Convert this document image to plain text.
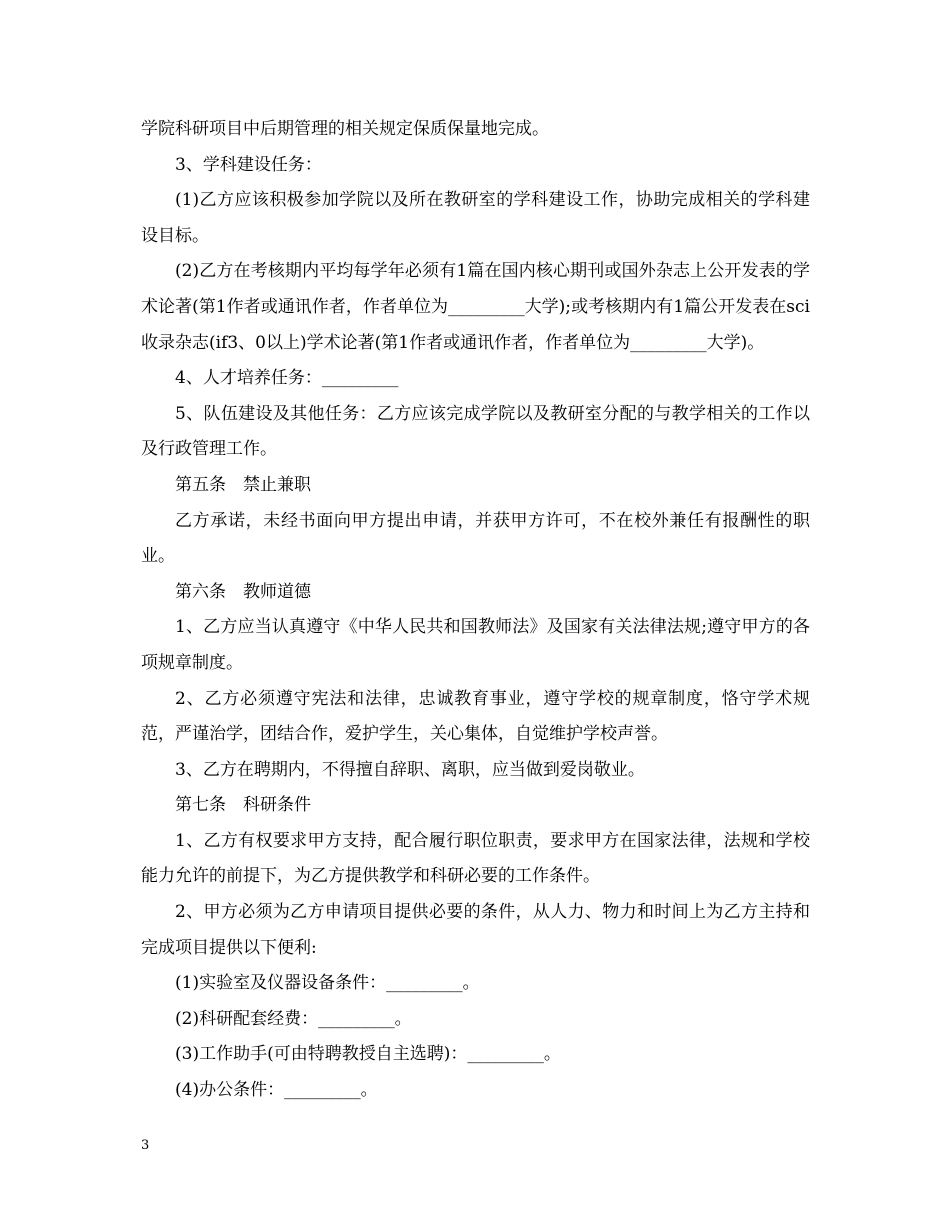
学院科研项目中后期管理的相关规定保质保量地完成。

3、学科建设任务：

(1)乙方应该积极参加学院以及所在教研室的学科建设工作，协助完成相关的学科建设目标。

(2)乙方在考核期内平均每学年必须有1篇在国内核心期刊或国外杂志上公开发表的学术论著(第1作者或通讯作者，作者单位为_________大学);或考核期内有1篇公开发表在sci收录杂志(if3、0以上)学术论著(第1作者或通讯作者，作者单位为_________大学)。

4、人才培养任务：_________

5、队伍建设及其他任务：乙方应该完成学院以及教研室分配的与教学相关的工作以及行政管理工作。

第五条　禁止兼职

乙方承诺，未经书面向甲方提出申请，并获甲方许可，不在校外兼任有报酬性的职业。

第六条　教师道德

1、乙方应当认真遵守《中华人民共和国教师法》及国家有关法律法规;遵守甲方的各项规章制度。

2、乙方必须遵守宪法和法律，忠诚教育事业，遵守学校的规章制度，恪守学术规范，严谨治学，团结合作，爱护学生，关心集体，自觉维护学校声誉。

3、乙方在聘期内，不得擅自辞职、离职，应当做到爱岗敬业。

第七条　科研条件

1、乙方有权要求甲方支持，配合履行职位职责，要求甲方在国家法律，法规和学校能力允许的前提下，为乙方提供教学和科研必要的工作条件。

2、甲方必须为乙方申请项目提供必要的条件，从人力、物力和时间上为乙方主持和完成项目提供以下便利:

(1)实验室及仪器设备条件：_________。

(2)科研配套经费：_________。

(3)工作助手(可由特聘教授自主选聘)：_________。

(4)办公条件：_________。

3
